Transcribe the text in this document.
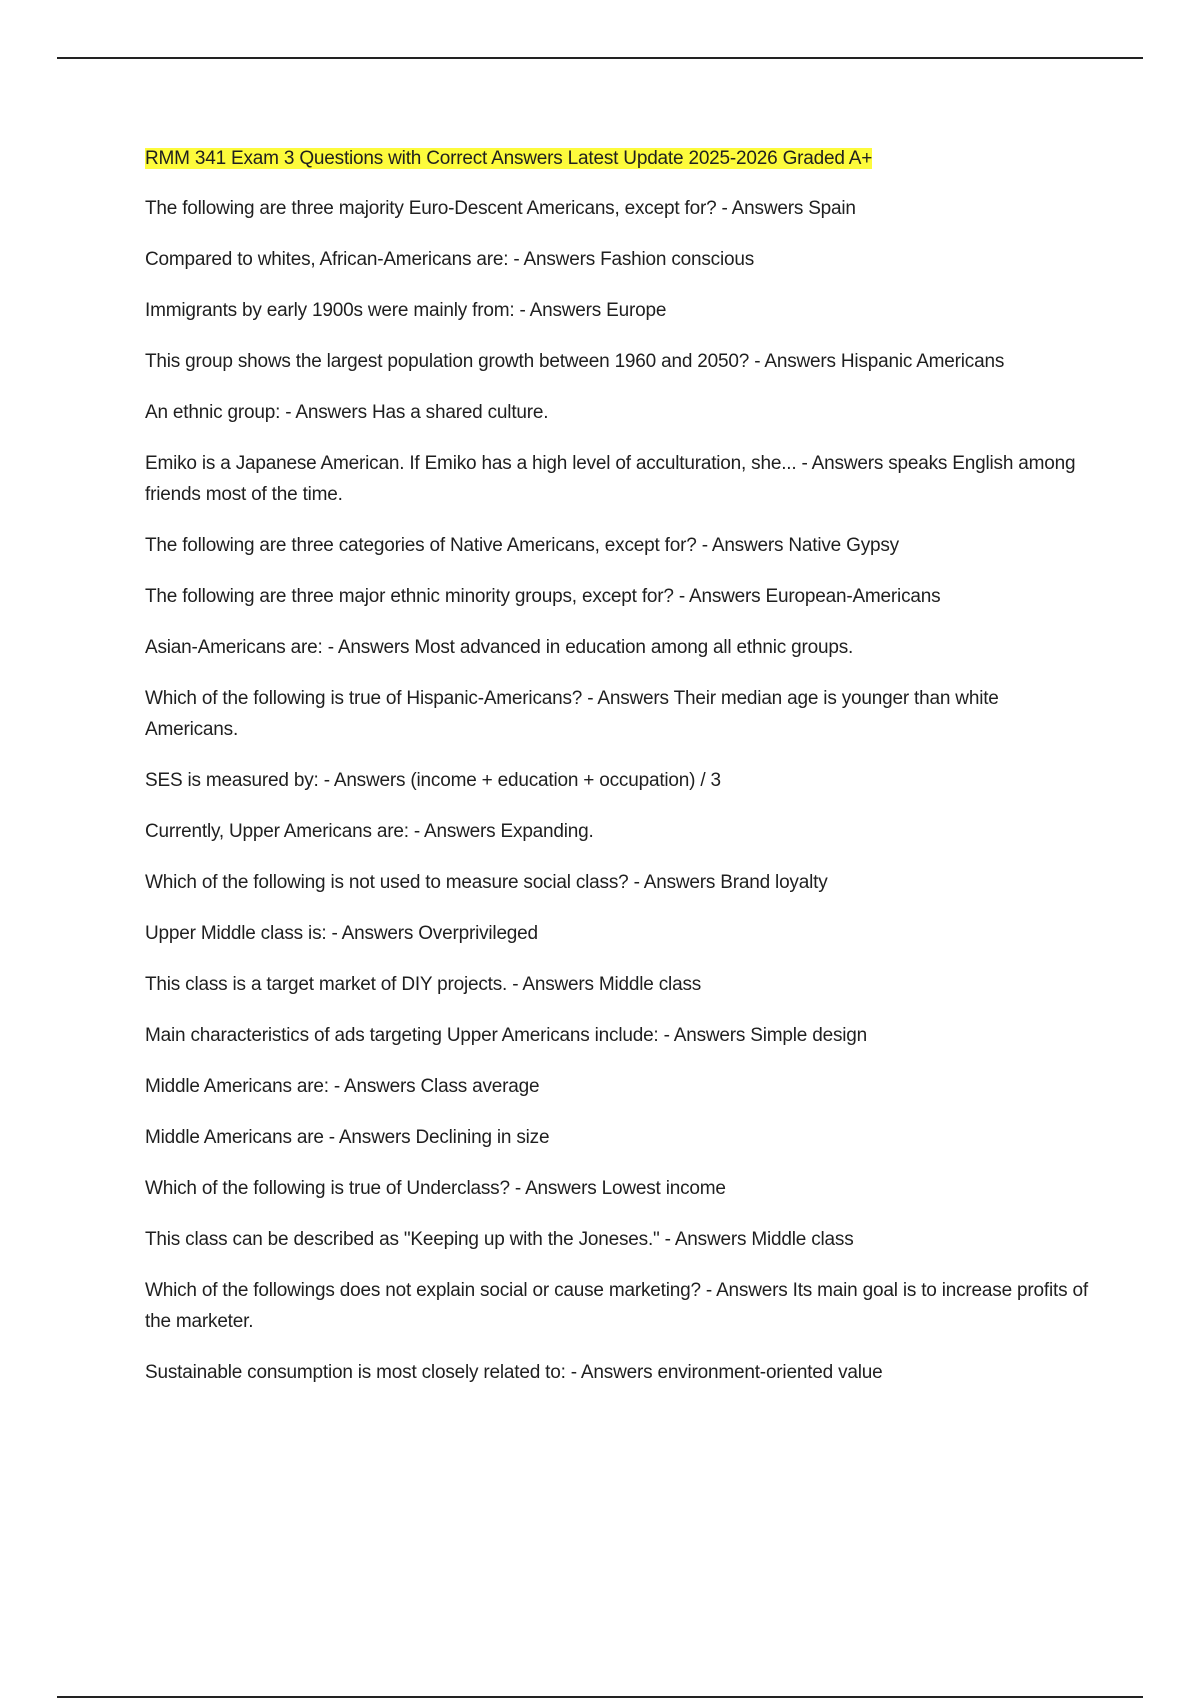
RMM 341 Exam 3 Questions with Correct Answers Latest Update 2025-2026 Graded A+

The following are three majority Euro-Descent Americans, except for? - Answers Spain

Compared to whites, African-Americans are: - Answers Fashion conscious

Immigrants by early 1900s were mainly from: - Answers Europe

This group shows the largest population growth between 1960 and 2050? - Answers Hispanic Americans

An ethnic group: - Answers Has a shared culture.

Emiko is a Japanese American. If Emiko has a high level of acculturation, she... - Answers speaks English among friends most of the time.

The following are three categories of Native Americans, except for? - Answers Native Gypsy

The following are three major ethnic minority groups, except for? - Answers European-Americans

Asian-Americans are: - Answers Most advanced in education among all ethnic groups.

Which of the following is true of Hispanic-Americans? - Answers Their median age is younger than white Americans.

SES is measured by: - Answers (income + education + occupation) / 3

Currently, Upper Americans are: - Answers Expanding.

Which of the following is not used to measure social class? - Answers Brand loyalty

Upper Middle class is: - Answers Overprivileged

This class is a target market of DIY projects. - Answers Middle class

Main characteristics of ads targeting Upper Americans include: - Answers Simple design

Middle Americans are: - Answers Class average

Middle Americans are - Answers Declining in size

Which of the following is true of Underclass? - Answers Lowest income

This class can be described as "Keeping up with the Joneses." - Answers Middle class

Which of the followings does not explain social or cause marketing? - Answers Its main goal is to increase profits of the marketer.

Sustainable consumption is most closely related to: - Answers environment-oriented value
